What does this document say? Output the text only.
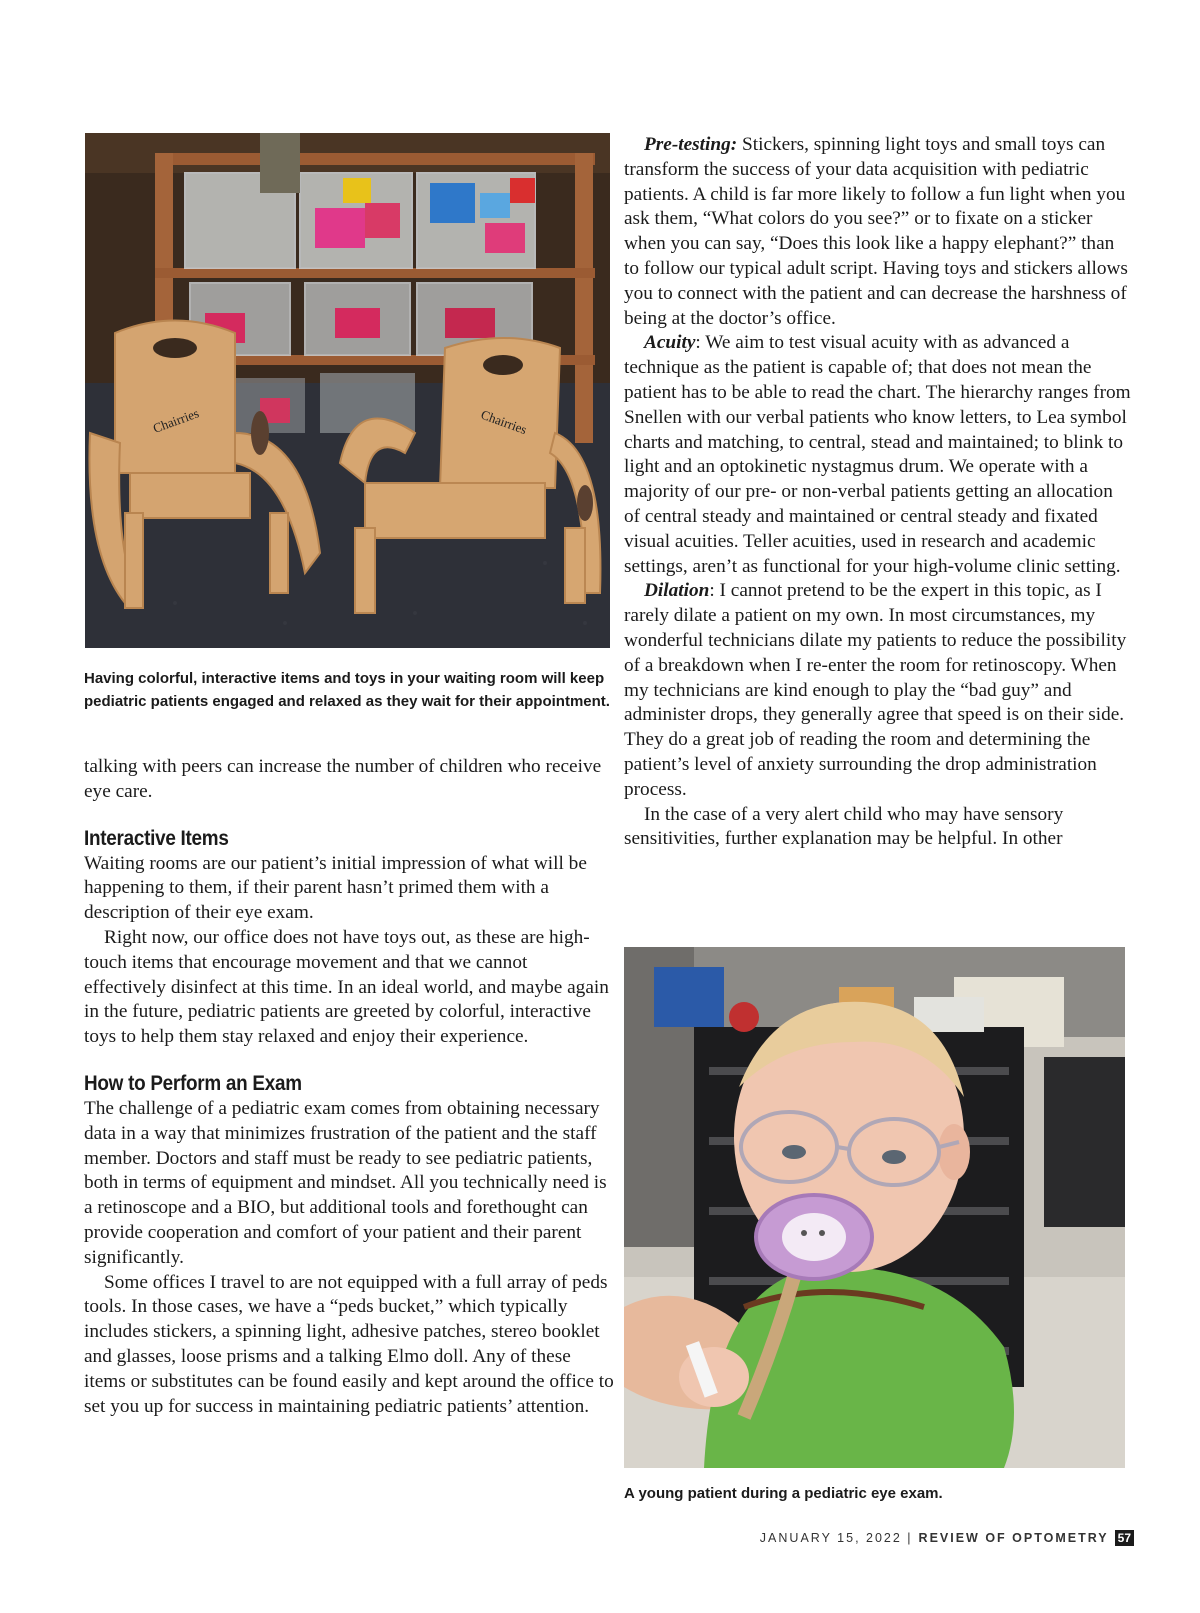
Chairries	Chairries
Having colorful, interactive items and toys in your waiting room will keep pediatric patients engaged and relaxed as they wait for their appointment.

talking with peers can increase the number of children who receive eye care.

Interactive Items

Waiting rooms are our patient’s initial impression of what will be happening to them, if their parent hasn’t primed them with a description of their eye exam.

Right now, our office does not have toys out, as these are high-touch items that encourage movement and that we cannot effectively disinfect at this time. In an ideal world, and maybe again in the future, pediatric patients are greeted by colorful, interactive toys to help them stay relaxed and enjoy their experience.

How to Perform an Exam

The challenge of a pediatric exam comes from obtaining necessary data in a way that minimizes frustration of the patient and the staff member. Doctors and staff must be ready to see pediatric patients, both in terms of equipment and mindset. All you technically need is a retinoscope and a BIO, but additional tools and forethought can provide cooperation and comfort of your patient and their parent significantly.

Some offices I travel to are not equipped with a full array of peds tools. In those cases, we have a “peds bucket,” which typically includes stickers, a spinning light, adhesive patches, stereo booklet and glasses, loose prisms and a talking Elmo doll. Any of these items or substitutes can be found easily and kept around the office to set you up for success in maintaining pediatric patients’ attention.

Pre-testing: Stickers, spinning light toys and small toys can transform the success of your data acquisition with pediatric patients. A child is far more likely to follow a fun light when you ask them, “What colors do you see?” or to fixate on a sticker when you can say, “Does this look like a happy elephant?” than to follow our typical adult script. Having toys and stickers allows you to connect with the patient and can decrease the harshness of being at the doctor’s office.

Acuity: We aim to test visual acuity with as advanced a technique as the patient is capable of; that does not mean the patient has to be able to read the chart. The hierarchy ranges from Snellen with our verbal patients who know letters, to Lea symbol charts and matching, to central, stead and maintained; to blink to light and an optokinetic nystagmus drum. We operate with a majority of our pre- or non-verbal patients getting an allocation of central steady and maintained or central steady and fixated visual acuities. Teller acuities, used in research and academic settings, aren’t as functional for your high-volume clinic setting.

Dilation: I cannot pretend to be the expert in this topic, as I rarely dilate a patient on my own. In most circumstances, my wonderful technicians dilate my patients to reduce the possibility of a breakdown when I re-enter the room for retinoscopy. When my technicians are kind enough to play the “bad guy” and administer drops, they generally agree that speed is on their side. They do a great job of reading the room and determining the patient’s level of anxiety surrounding the drop administration process.

In the case of a very alert child who may have sensory sensitivities, further explanation may be helpful. In other

A young patient during a pediatric eye exam.
JANUARY 15, 2022 | REVIEW OF OPTOMETRY 57
